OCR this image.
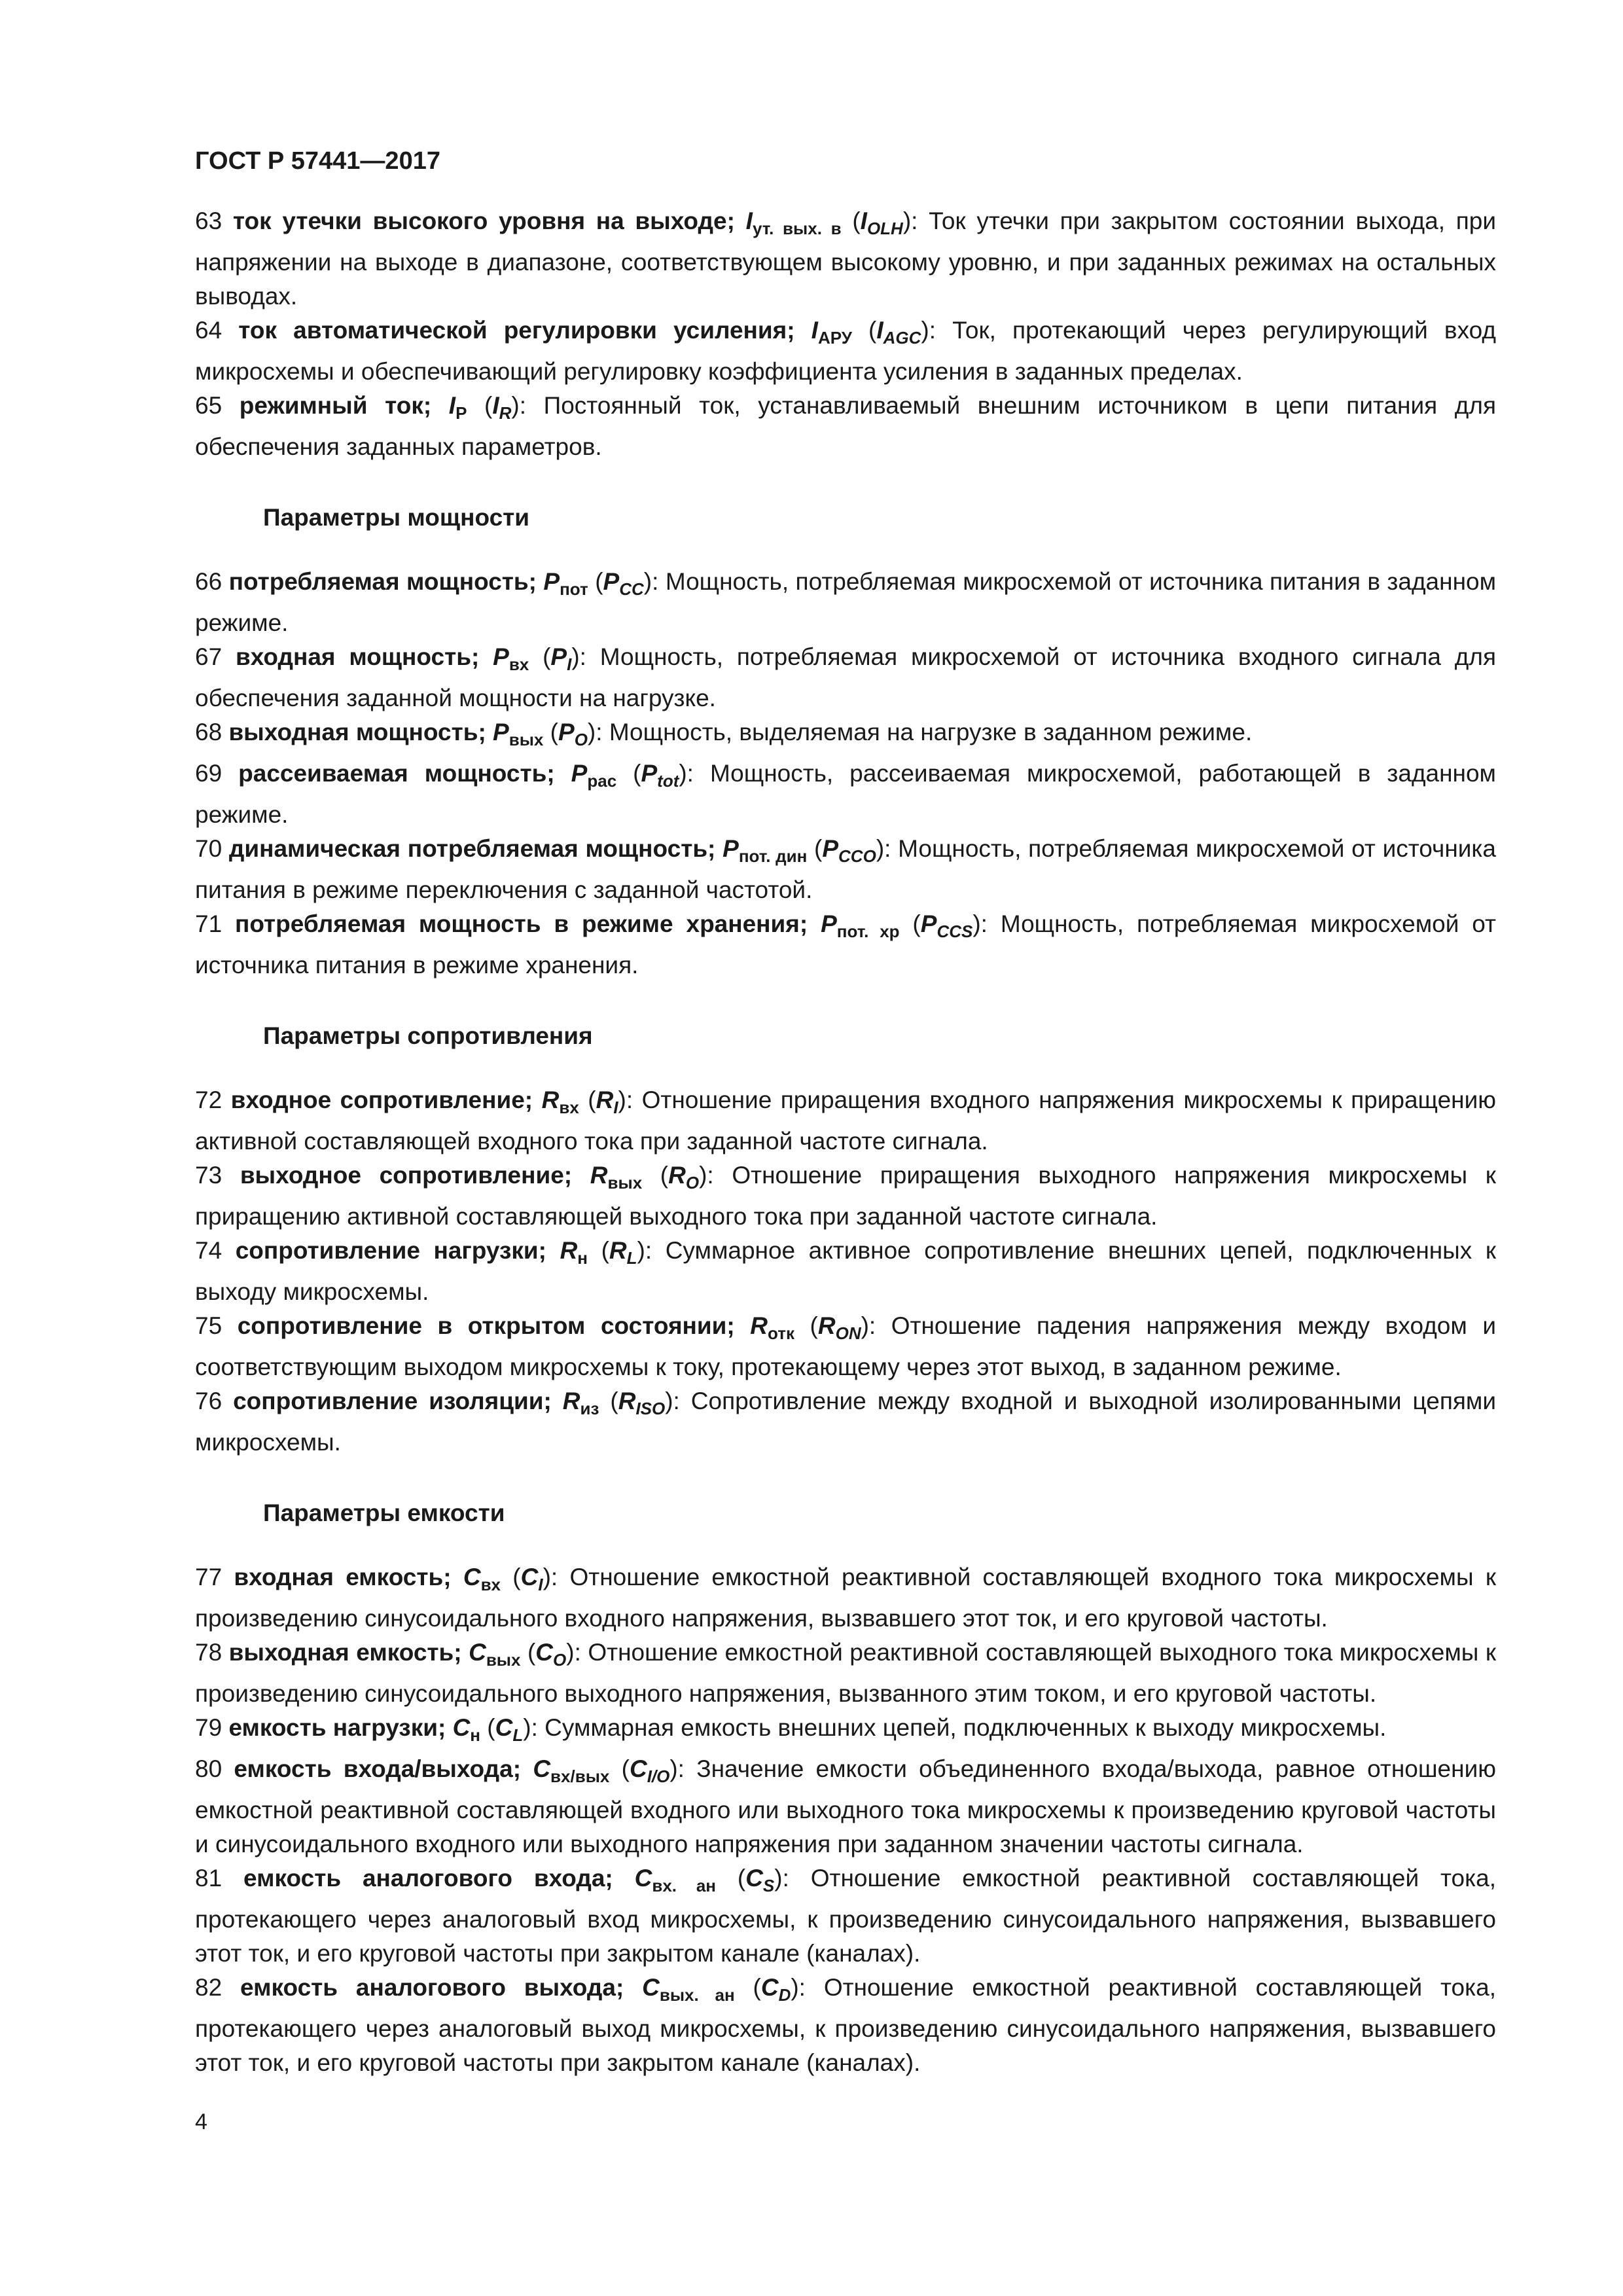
ГОСТ Р 57441—2017
63 ток утечки высокого уровня на выходе; $I_{ут. вых. в}$ $(I_{OLH})$: Ток утечки при закрытом состоянии выхода, при напряжении на выходе в диапазоне, соответствующем высокому уровню, и при заданных режимах на остальных выводах.
64 ток автоматической регулировки усиления; $I_{АРУ}$ $(I_{AGC})$: Ток, протекающий через регулирующий вход микросхемы и обеспечивающий регулировку коэффициента усиления в заданных пределах.
65 режимный ток; $I_Р$ $(I_R)$: Постоянный ток, устанавливаемый внешним источником в цепи питания для обеспечения заданных параметров.
Параметры мощности
66 потребляемая мощность; $P_{пот}$ $(P_{CC})$: Мощность, потребляемая микросхемой от источника питания в заданном режиме.
67 входная мощность; $P_{вх}$ $(P_I)$: Мощность, потребляемая микросхемой от источника входного сигнала для обеспечения заданной мощности на нагрузке.
68 выходная мощность; $P_{вых}$ $(P_O)$: Мощность, выделяемая на нагрузке в заданном режиме.
69 рассеиваемая мощность; $P_{рас}$ $(P_{tot})$: Мощность, рассеиваемая микросхемой, работающей в заданном режиме.
70 динамическая потребляемая мощность; $P_{пот. дин}$ $(P_{CCO})$: Мощность, потребляемая микросхемой от источника питания в режиме переключения с заданной частотой.
71 потребляемая мощность в режиме хранения; $P_{пот. хр}$ $(P_{CCS})$: Мощность, потребляемая микросхемой от источника питания в режиме хранения.
Параметры сопротивления
72 входное сопротивление; $R_{вх}$ $(R_I)$: Отношение приращения входного напряжения микросхемы к приращению активной составляющей входного тока при заданной частоте сигнала.
73 выходное сопротивление; $R_{вых}$ $(R_O)$: Отношение приращения выходного напряжения микросхемы к приращению активной составляющей выходного тока при заданной частоте сигнала.
74 сопротивление нагрузки; $R_н$ $(R_L)$: Суммарное активное сопротивление внешних цепей, подключенных к выходу микросхемы.
75 сопротивление в открытом состоянии; $R_{отк}$ $(R_{ON})$: Отношение падения напряжения между входом и соответствующим выходом микросхемы к току, протекающему через этот выход, в заданном режиме.
76 сопротивление изоляции; $R_{из}$ $(R_{ISO})$: Сопротивление между входной и выходной изолированными цепями микросхемы.
Параметры емкости
77 входная емкость; $C_{вх}$ $(C_I)$: Отношение емкостной реактивной составляющей входного тока микросхемы к произведению синусоидального входного напряжения, вызвавшего этот ток, и его круговой частоты.
78 выходная емкость; $C_{вых}$ $(C_O)$: Отношение емкостной реактивной составляющей выходного тока микросхемы к произведению синусоидального выходного напряжения, вызванного этим током, и его круговой частоты.
79 емкость нагрузки; $C_н$ $(C_L)$: Суммарная емкость внешних цепей, подключенных к выходу микросхемы.
80 емкость входа/выхода; $C_{вх/вых}$ $(C_{I/O})$: Значение емкости объединенного входа/выхода, равное отношению емкостной реактивной составляющей входного или выходного тока микросхемы к произведению круговой частоты и синусоидального входного или выходного напряжения при заданном значении частоты сигнала.
81 емкость аналогового входа; $C_{вх. ан}$ $(C_S)$: Отношение емкостной реактивной составляющей тока, протекающего через аналоговый вход микросхемы, к произведению синусоидального напряжения, вызвавшего этот ток, и его круговой частоты при закрытом канале (каналах).
82 емкость аналогового выхода; $C_{вых. ан}$ $(C_D)$: Отношение емкостной реактивной составляющей тока, протекающего через аналоговый выход микросхемы, к произведению синусоидального напряжения, вызвавшего этот ток, и его круговой частоты при закрытом канале (каналах).
4
